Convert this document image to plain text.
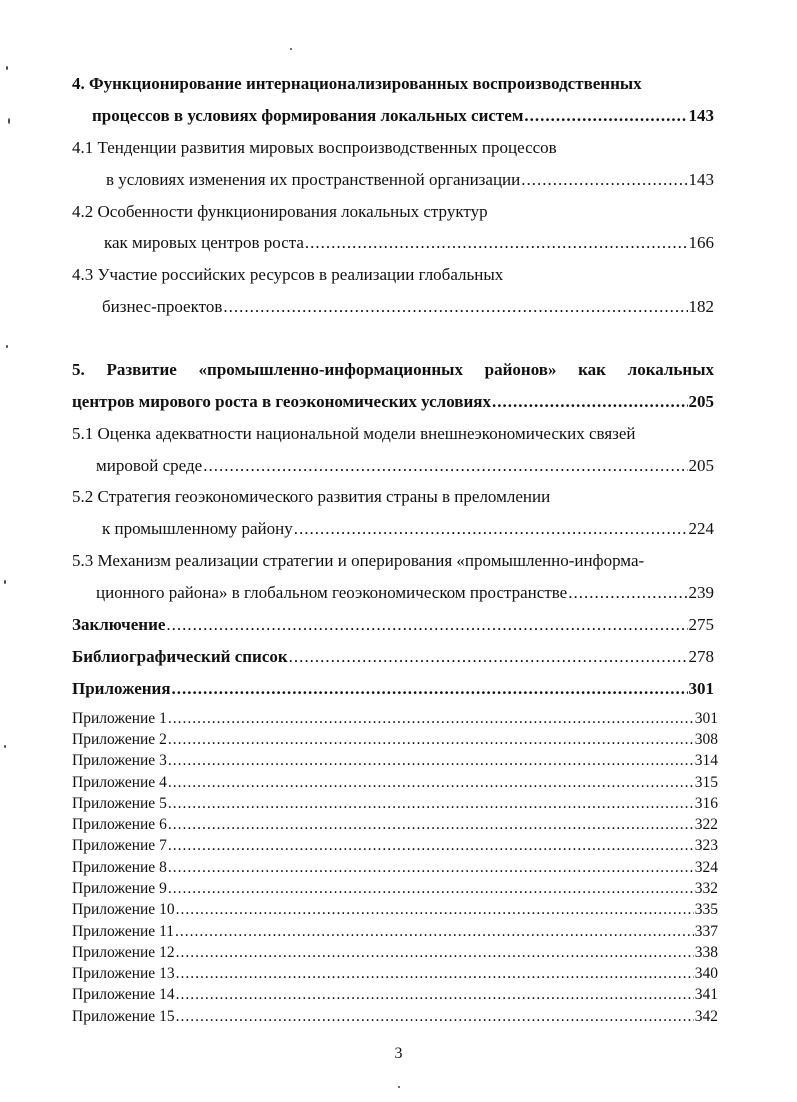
4. Функционирование интернационализированных воспроизводственных
процессов в условиях формирования локальных систем .....	143
4.1 Тенденции развития мировых воспроизводственных процессов
в условиях изменения их пространственной организации .....	143
4.2 Особенности функционирования локальных структур
как мировых центров роста .....	166
4.3 Участие российских ресурсов в реализации глобальных
бизнес-проектов .....	182
5. Развитие «промышленно-информационных районов» как локальных
центров мирового роста в геоэкономических условиях .....	205
5.1 Оценка адекватности национальной модели внешнеэкономических связей
мировой среде .....	205
5.2 Стратегия геоэкономического развития страны в преломлении
к промышленному району .....	224
5.3 Механизм реализации стратегии и оперирования «промышленно-информа-
ционного района» в глобальном геоэкономическом пространстве .....	239
Заключение .....	275
Библиографический список .....	278
Приложения .....	301
Приложение 1 .....	301
Приложение 2 .....	308
Приложение 3 .....	314
Приложение 4 .....	315
Приложение 5 .....	316
Приложение 6 .....	322
Приложение 7 .....	323
Приложение 8 .....	324
Приложение 9 .....	332
Приложение 10 .....	335
Приложение 11 .....	337
Приложение 12 .....	338
Приложение 13 .....	340
Приложение 14 .....	341
Приложение 15 .....	342
3
